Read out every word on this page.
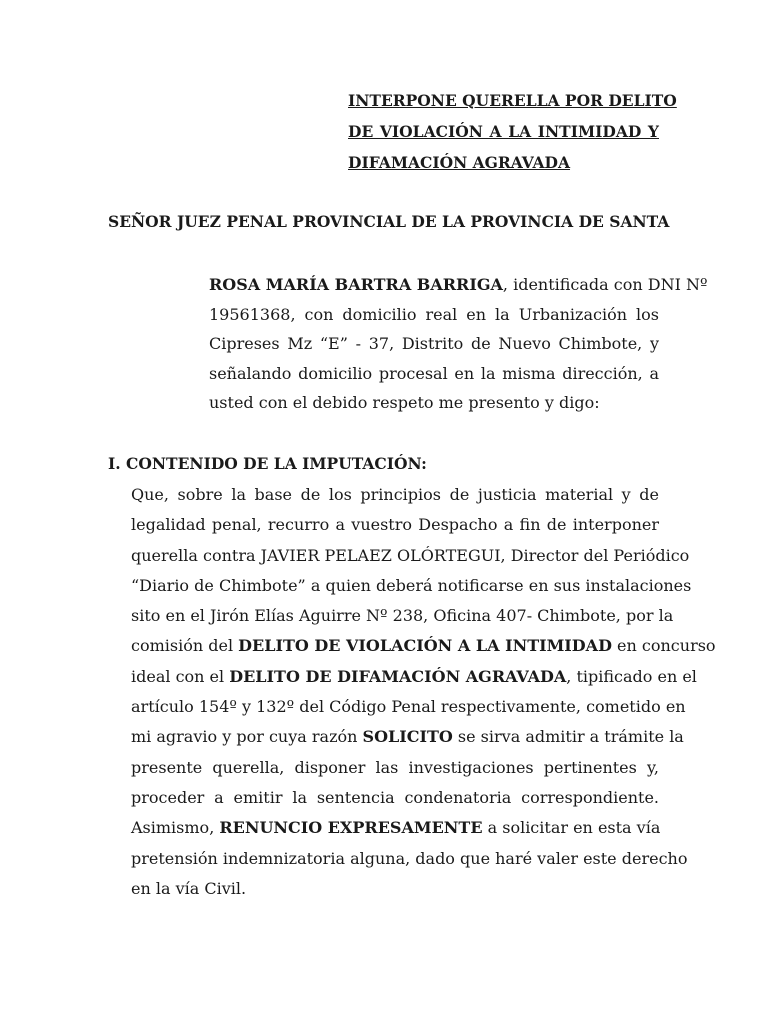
INTERPONE QUERELLA POR DELITO
DE VIOLACIÓN A LA INTIMIDAD Y
DIFAMACIÓN AGRAVADA
SEÑOR JUEZ PENAL PROVINCIAL DE LA PROVINCIA DE SANTA
ROSA MARÍA BARTRA BARRIGA, identificada con DNI Nº
19561368, con domicilio real en la Urbanización los
Cipreses Mz “E” - 37, Distrito de Nuevo Chimbote, y
señalando domicilio procesal en la misma dirección, a
usted con el debido respeto me presento y digo:
I. CONTENIDO DE LA IMPUTACIÓN:
Que, sobre la base de los principios de justicia material y de
legalidad penal, recurro a vuestro Despacho a fin de interponer
querella contra JAVIER PELAEZ OLÓRTEGUI, Director del Periódico
“Diario de Chimbote” a quien deberá notificarse en sus instalaciones
sito en el Jirón Elías Aguirre Nº 238, Oficina 407- Chimbote, por la
comisión del DELITO DE VIOLACIÓN A LA INTIMIDAD en concurso
ideal con el DELITO DE DIFAMACIÓN AGRAVADA, tipificado en el
artículo 154º y 132º del Código Penal respectivamente, cometido en
mi agravio y por cuya razón SOLICITO se sirva admitir a trámite la
presente querella, disponer las investigaciones pertinentes y,
proceder a emitir la sentencia condenatoria correspondiente.
Asimismo, RENUNCIO EXPRESAMENTE a solicitar en esta vía
pretensión indemnizatoria alguna, dado que haré valer este derecho
en la vía Civil.
